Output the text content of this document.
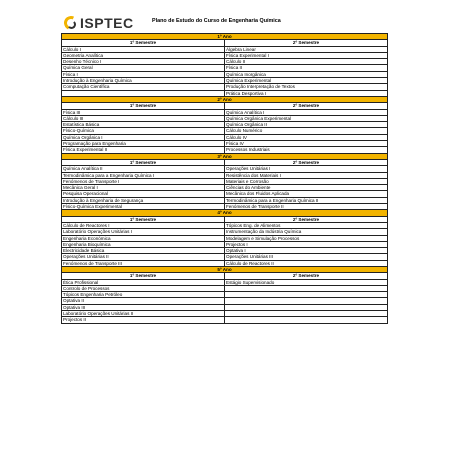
ISPTEC	Plano de Estudo do Curso de Engenharia Química
1º Ano	
1º Semestre	2º Semestre
Cálculo I	Álgebra Linear
Geometria Analítica	Física Experimental I
Desenho Técnico I	Cálculo II
Química Geral	Física II
Física I	Química Inorgânica
Introdução à Engenharia Química	Química Experimental
Computação Científica	Produção Interpretação de Textos
	Prática Desportiva I
2º Ano	
1º Semestre	2º Semestre
Física III	Química Analítica I
Cálculo III	Química Orgânica Experimental
Estatística Básica	Química Orgânica II
Físico-Química	Cálculo Numérico
Química Orgânica I	Cálculo IV
Programação para Engenharia	Física IV
Física Experimental II	Processos Industriais
3º Ano	
1º Semestre	2º Semestre
Química Analítica II	Operações Unitárias I
Termodinâmica para a Engenharia Química I	Resistência dos Materiais I
Fenómenos de Transporte I	Materiais e Corrosão
Mecânica Geral I	Ciências do Ambiente
Pesquisa Operacional	Mecânica dos Fluidos Aplicada
Introdução à Engenharia de Segurança	Termodinâmica para a Engenharia Química II
Físico-Química Experimental	Fenómenos de Transporte II
4º Ano	
1º Semestre	2º Semestre
Cálculo de Reactores I	Tópicos Eng. de Alimentos
Laboratório Operações Unitárias I	Instrumentação da Indústria Química
Engenharia Económica	Modelagem e Simulação Processos
Engenharia Bioquímica	Projectos I
Electricidade Básica	Optativa I
Operações Unitárias II	Operações Unitárias III
Fenómenos de Transporte III	Cálculo de Reactores II
5º Ano	
1º Semestre	2º Semestre
Ética Profissional	Estágio Supervisionado
Controlo de Processos	
Tópicos Engenharia Petróleo	
Optativa II	
Optativa III	
Laboratório Operações Unitárias II	
Projectos II	
